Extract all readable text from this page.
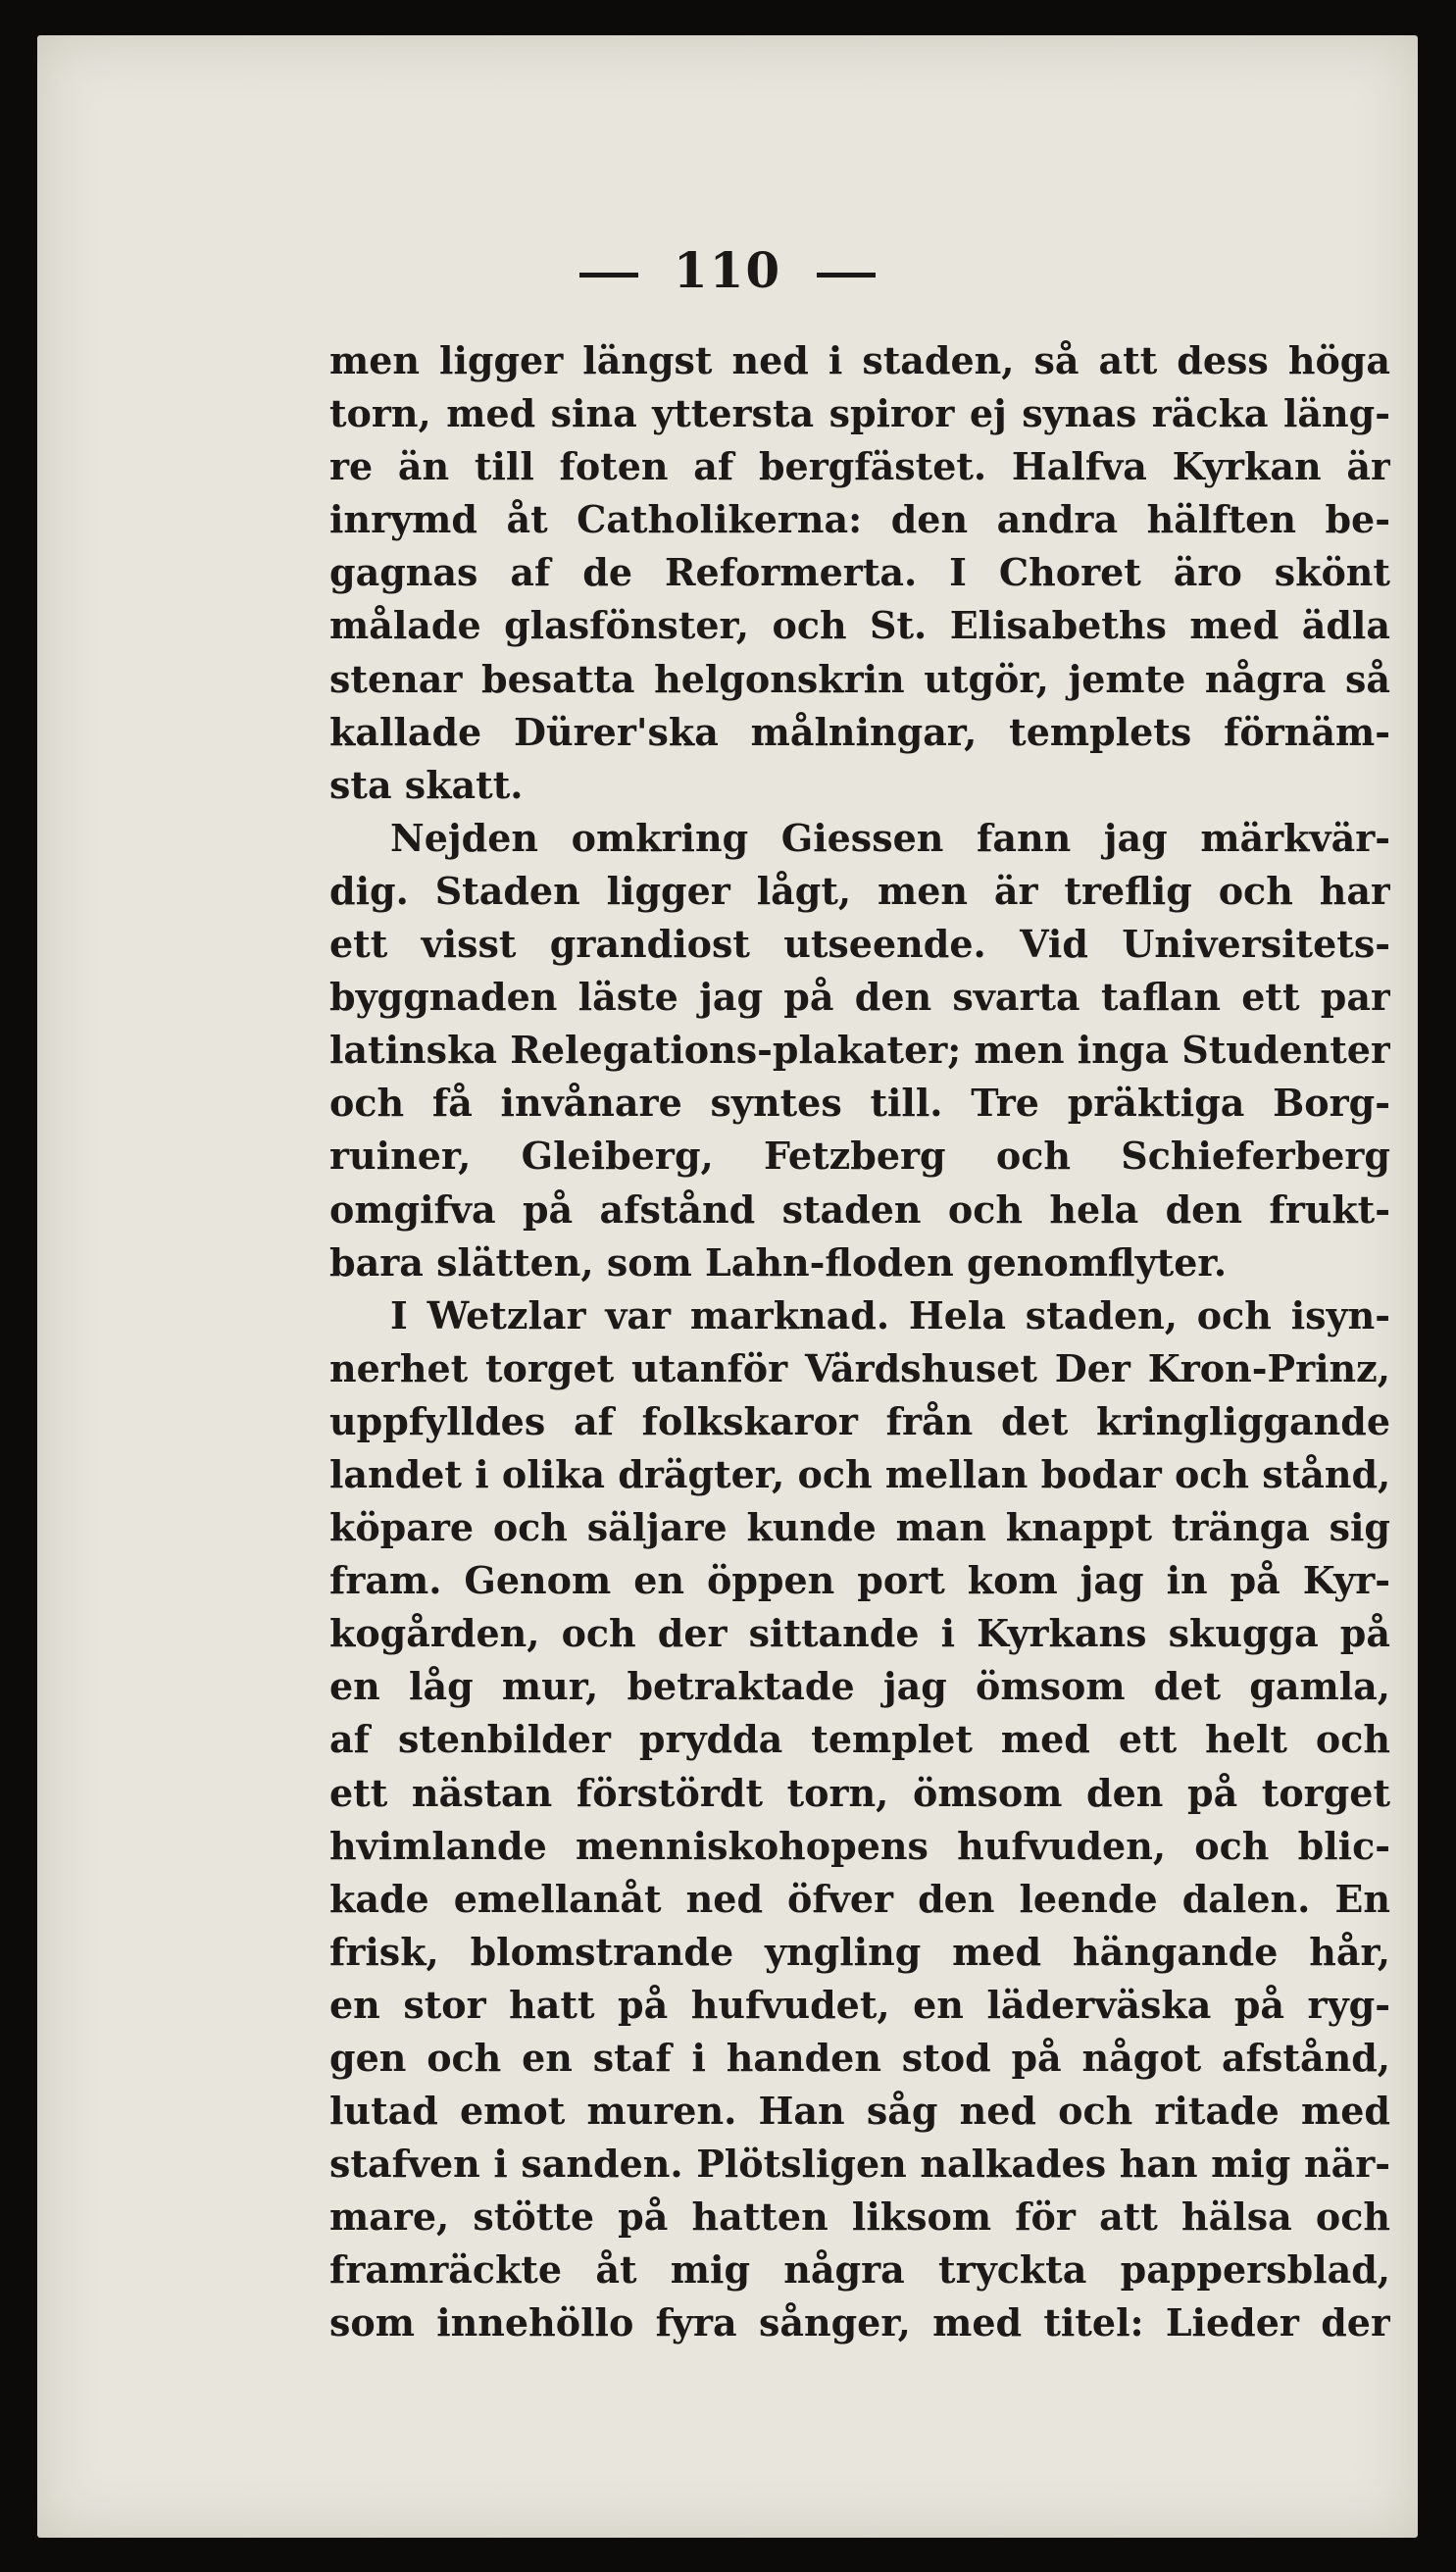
110
men ligger längst ned i staden, så att dess höga
torn, med sina yttersta spiror ej synas räcka läng-
re än till foten af bergfästet. Halfva Kyrkan är
inrymd åt Catholikerna: den andra hälften be-
gagnas af de Reformerta. I Choret äro skönt
målade glasfönster, och St. Elisabeths med ädla
stenar besatta helgonskrin utgör, jemte några så
kallade Dürer'ska målningar, templets förnäm-
sta skatt.
Nejden omkring Giessen fann jag märkvär-
dig. Staden ligger lågt, men är treflig och har
ett visst grandiost utseende. Vid Universitets-
byggnaden läste jag på den svarta taflan ett par
latinska Relegations-plakater; men inga Studenter
och få invånare syntes till. Tre präktiga Borg-
ruiner, Gleiberg, Fetzberg och Schieferberg
omgifva på afstånd staden och hela den frukt-
bara slätten, som Lahn-floden genomflyter.
I Wetzlar var marknad. Hela staden, och isyn-
nerhet torget utanför Värdshuset Der Kron-Prinz,
uppfylldes af folkskaror från det kringliggande
landet i olika drägter, och mellan bodar och stånd,
köpare och säljare kunde man knappt tränga sig
fram. Genom en öppen port kom jag in på Kyr-
kogården, och der sittande i Kyrkans skugga på
en låg mur, betraktade jag ömsom det gamla,
af stenbilder prydda templet med ett helt och
ett nästan förstördt torn, ömsom den på torget
hvimlande menniskohopens hufvuden, och blic-
kade emellanåt ned öfver den leende dalen. En
frisk, blomstrande yngling med hängande hår,
en stor hatt på hufvudet, en läderväska på ryg-
gen och en staf i handen stod på något afstånd,
lutad emot muren. Han såg ned och ritade med
stafven i sanden. Plötsligen nalkades han mig när-
mare, stötte på hatten liksom för att hälsa och
framräckte åt mig några tryckta pappersblad,
som innehöllo fyra sånger, med titel: Lieder der
